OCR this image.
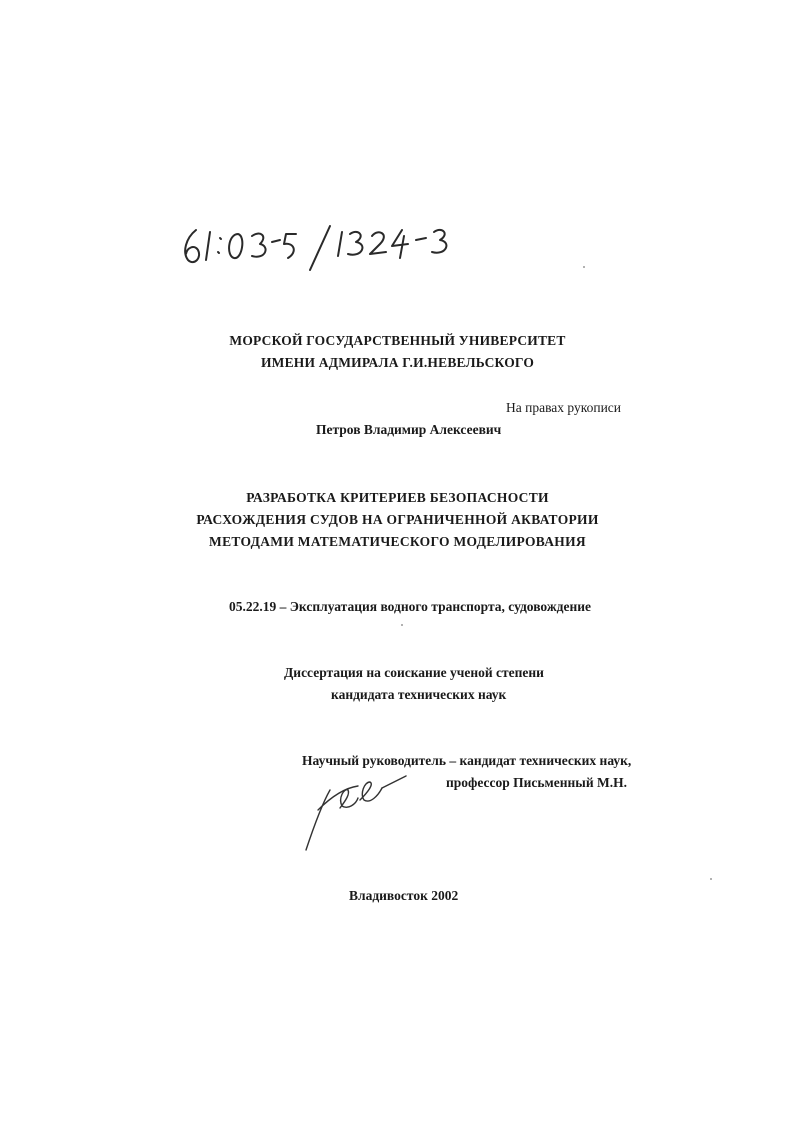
МОРСКОЙ ГОСУДАРСТВЕННЫЙ УНИВЕРСИТЕТ
ИМЕНИ АДМИРАЛА Г.И.НЕВЕЛЬСКОГО
На правах рукописи
Петров Владимир Алексеевич
РАЗРАБОТКА КРИТЕРИЕВ БЕЗОПАСНОСТИ
РАСХОЖДЕНИЯ СУДОВ НА ОГРАНИЧЕННОЙ АКВАТОРИИ
МЕТОДАМИ МАТЕМАТИЧЕСКОГО МОДЕЛИРОВАНИЯ
05.22.19 – Эксплуатация водного транспорта, судовождение
Диссертация на соискание ученой степени
кандидата технических наук
Научный руководитель – кандидат технических наук,
профессор Письменный М.Н.
Владивосток 2002
